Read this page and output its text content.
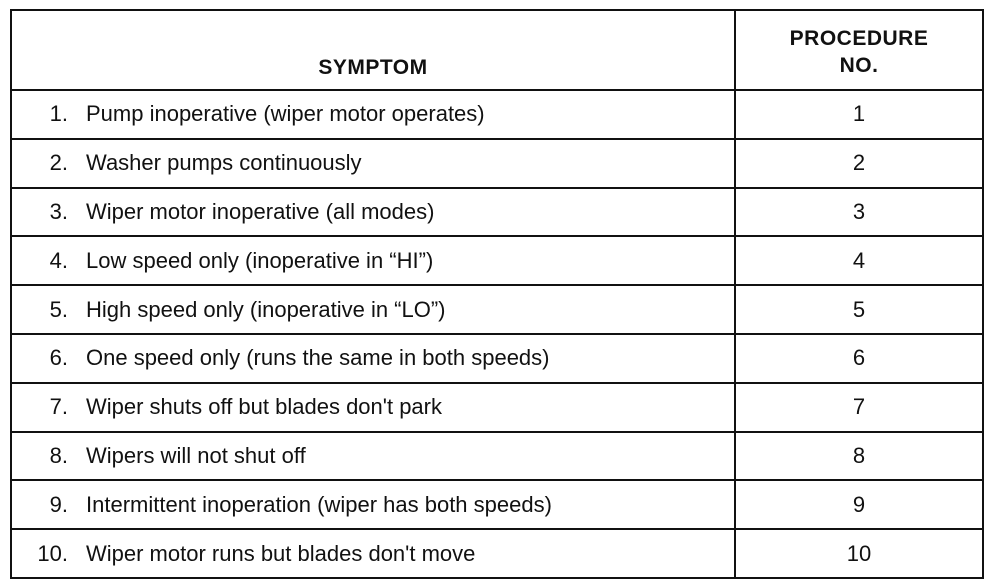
SYMPTOM	PROCEDURE
NO.
1. Pump inoperative (wiper motor operates)	1
2. Washer pumps continuously	2
3. Wiper motor inoperative (all modes)	3
4. Low speed only (inoperative in “HI”)	4
5. High speed only (inoperative in “LO”)	5
6. One speed only (runs the same in both speeds)	6
7. Wiper shuts off but blades don't park	7
8. Wipers will not shut off	8
9. Intermittent inoperation (wiper has both speeds)	9
10. Wiper motor runs but blades don't move	10
